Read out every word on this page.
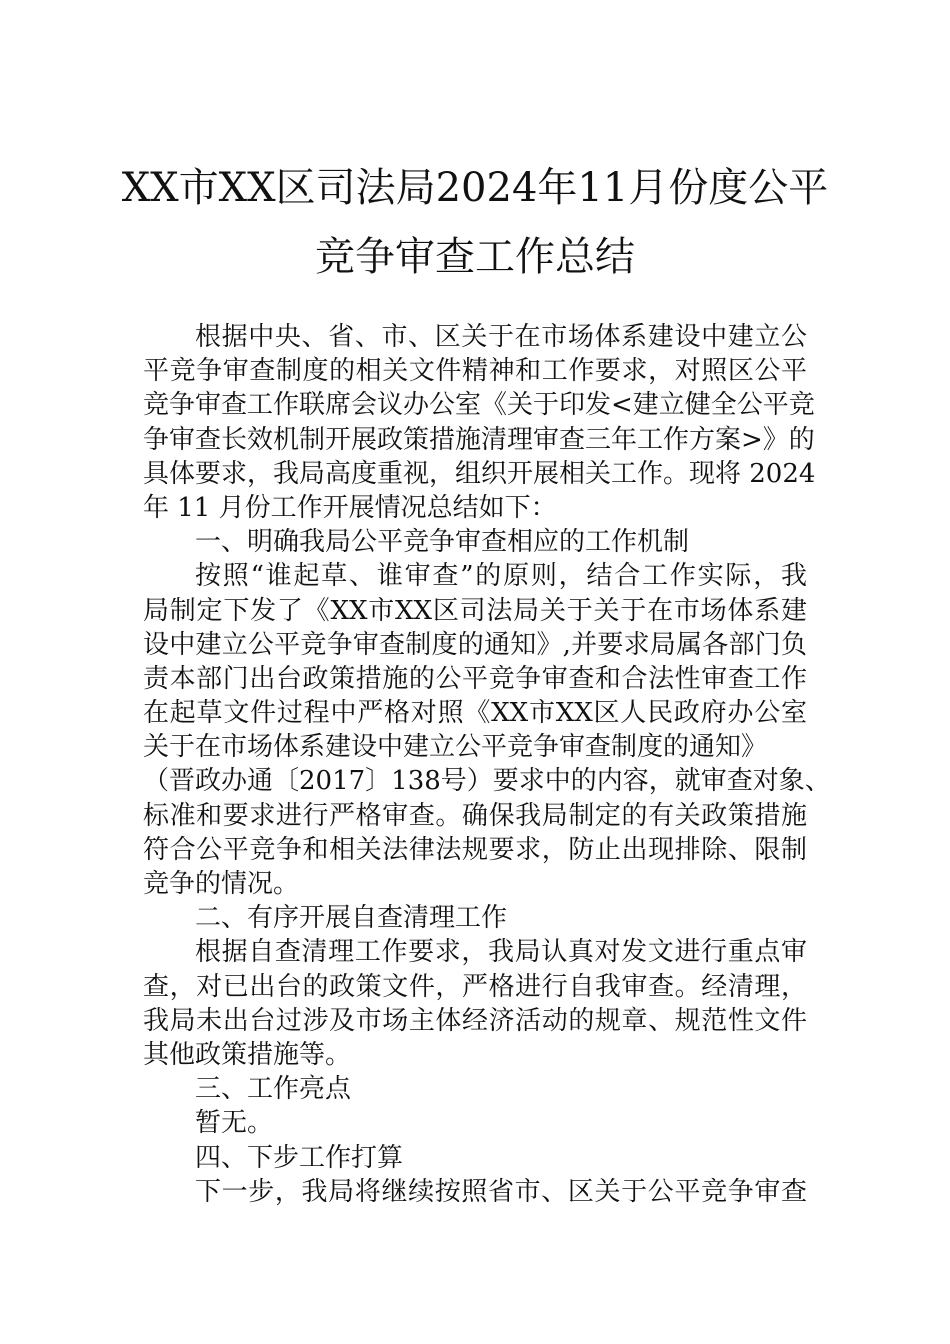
XX市XX区司法局2024年11月份度公平
竞争审查工作总结
根据中央、省、市、区关于在市场体系建设中建立公
平竞争审查制度的相关文件精神和工作要求，对照区公平
竞争审查工作联席会议办公室《关于印发<建立健全公平竞
争审查长效机制开展政策措施清理审查三年工作方案>》的
具体要求，我局高度重视，组织开展相关工作。现将 2024
年 11 月份工作开展情况总结如下：
一、明确我局公平竞争审查相应的工作机制
按照“谁起草、谁审查”的原则，结合工作实际，我
局制定下发了《XX市XX区司法局关于关于在市场体系建
设中建立公平竞争审查制度的通知》,并要求局属各部门负
责本部门出台政策措施的公平竞争审查和合法性审查工作
在起草文件过程中严格对照《XX市XX区人民政府办公室
关于在市场体系建设中建立公平竞争审查制度的通知》
（晋政办通〔2017〕138号）要求中的内容，就审查对象、
标准和要求进行严格审查。确保我局制定的有关政策措施
符合公平竞争和相关法律法规要求，防止出现排除、限制
竞争的情况。
二、有序开展自查清理工作
根据自查清理工作要求，我局认真对发文进行重点审
查，对已出台的政策文件，严格进行自我审查。经清理，
我局未出台过涉及市场主体经济活动的规章、规范性文件
其他政策措施等。
三、工作亮点
暂无。
四、下步工作打算
下一步，我局将继续按照省市、区关于公平竞争审查
